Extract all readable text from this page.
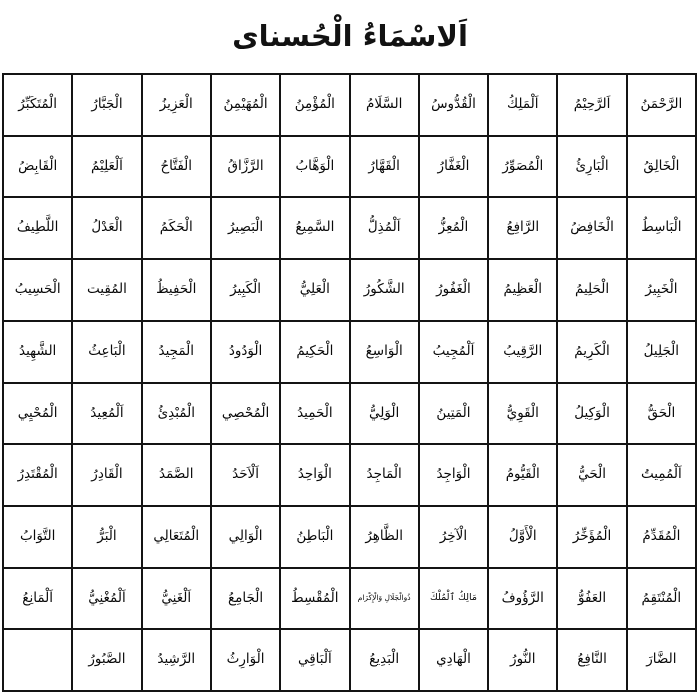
اَلاسْمَاءُ الْحُسناى
الرَّحْمَنُ
اَلرَّحِيْمُ
اَلْمَلِكُ
الْقُدُّوسُ
السَّلَامُ
الْمُؤْمِنُ
الْمُهَيْمِنُ
الْعَزِيزُ
الْجَبَّارُ
الْمُتَكَبِّرُ
الْخَالِقُ
الْبَارِئُ
الْمُصَوِّرُ
الْغَفَّارُ
الْقَهَّارُ
الْوَهَّابُ
الرَّزَّاقُ
الْفَتَّاحُ
اَلْعَلِيْمُ
الْقَابِضُ
الْبَاسِطُ
الْخَافِضُ
الرَّافِعُ
الْمُعِزُّ
اَلْمُذِلُّ
السَّمِيعُ
الْبَصِيرُ
الْحَكَمُ
الْعَدْلُ
اللَّطِيفُ
الْخَبِيرُ
الْحَلِيمُ
الْعَظِيمُ
الْغَفُورُ
الشَّكُورُ
الْعَلِيُّ
الْكَبِيرُ
الْحَفِيظُ
المُقِيت
الْحَسِيبُ
الْجَلِيلُ
الْكَرِيمُ
الرَّقِيبُ
اَلْمُجِيبُ
الْوَاسِعُ
الْحَكِيمُ
الْوَدُودُ
الْمَجِيدُ
الْبَاعِثُ
الشَّهِيدُ
الْحَقُّ
الْوَكِيلُ
الْقَوِيُّ
الْمَتِينُ
الْوَلِيُّ
الْحَمِيدُ
الْمُحْصِي
الْمُبْدِئُ
اَلْمُعِيدُ
الْمُحْيِي
اَلْمُمِيتُ
الْحَيُّ
الْقَيُّومُ
الْوَاجِدُ
الْمَاجِدُ
الْوَاحِدُ
اَلْاَحَدُ
الصَّمَدُ
الْقَادِرُ
الْمُقْتَدِرُ
الْمُقَدِّمُ
الْمُؤَخِّرُ
الْأَوَّلُ
الْآخِرُ
الظَّاهِرُ
الْبَاطِنُ
الْوَالِي
الْمُتَعَالِي
الْبَرُّ
التَّوَابُ
الْمُنْتَقِمُ
العَفُوُّ
الرَّؤُوفُ
مَالِكُ ٱلْمُلْكَ
ذُوالْجَلَالِ وَالْإِكْرَام
الْمُقْسِطُ
الْجَامِعُ
اَلْغَنِيُّ
اَلْمُغْنِيُّ
اَلْمَانِعُ
الضَّارَ
النَّافِعُ
النُّورُ
الْهَادِي
الْبَدِيعُ
اَلْبَاقِي
الْوَارِثُ
الرَّشِيدُ
الصَّبُورُ
